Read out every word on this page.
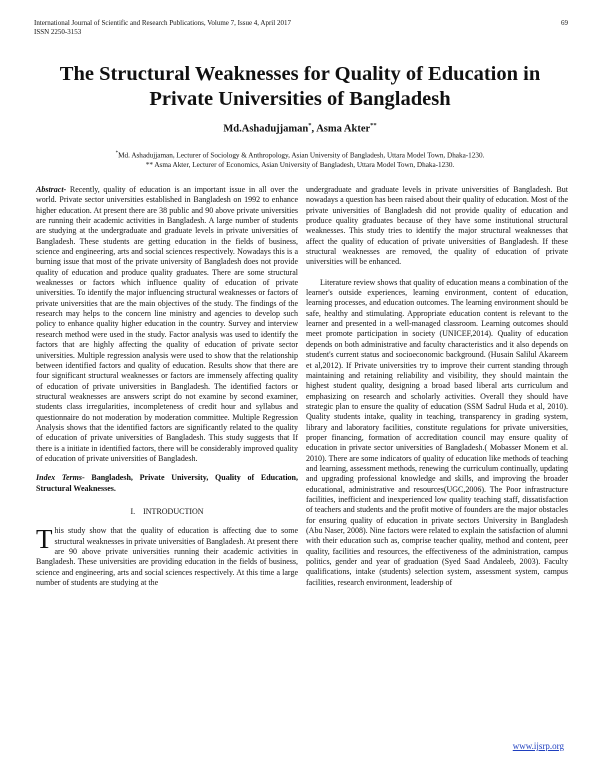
International Journal of Scientific and Research Publications, Volume 7, Issue 4, April 2017
ISSN 2250-3153
69
The Structural Weaknesses for Quality of Education in
Private Universities of Bangladesh
Md.Ashadujjaman*, Asma Akter**
*Md. Ashadujjaman, Lecturer of Sociology & Anthropology, Asian University of Bangladesh, Uttara Model Town, Dhaka-1230.
** Asma Akter, Lecturer of Economics, Asian University of Bangladesh, Uttara Model Town, Dhaka-1230.

Abstract- Recently, quality of education is an important issue in all over the world. Private sector universities established in Bangladesh on 1992 to enhance higher education. At present there are 38 public and 90 above private universities are running their academic activities in Bangladesh. A large number of students are studying at the undergraduate and graduate levels in private universities of Bangladesh. These students are getting education in the fields of business, science and engineering, arts and social sciences respectively. Nowadays this is a burning issue that most of the private university of Bangladesh does not provide quality of education and produce quality graduates. There are some structural weaknesses or factors which influence quality of education of private universities. To identify the major influencing structural weaknesses or factors of private universities that are the main objectives of the study. The findings of the research may helps to the concern line ministry and agencies to develop such policy to enhance quality higher education in the country. Survey and interview research method were used in the study. Factor analysis was used to identify the factors that are highly affecting the quality of education of private sector universities. Multiple regression analysis were used to show that the relationship between identified factors and quality of education. Results show that there are four significant structural weaknesses or factors are immensely affecting quality of education of private universities in Bangladesh. The identified factors or structural weaknesses are answers script do not examine by second examiner, students class irregularities, incompleteness of credit hour and syllabus and questionnaire do not moderation by moderation committee. Multiple Regression Analysis shows that the identified factors are significantly related to the quality of education of private universities of Bangladesh. This study suggests that If there is a initiate in identified factors, there will be considerably improved quality of education of private universities of Bangladesh.

Index Terms- Bangladesh, Private University, Quality of Education, Structural Weaknesses.

I. INTRODUCTION

This study show that the quality of education is affecting due to some structural weaknesses in private universities of Bangladesh. At present there are 90 above private universities running their academic activities in Bangladesh. These universities are providing education in the fields of business, science and engineering, arts and social sciences respectively. At this time a large number of students are studying at the

undergraduate and graduate levels in private universities of Bangladesh. But nowadays a question has been raised about their quality of education. Most of the private universities of Bangladesh did not provide quality of education and produce quality graduates because of they have some institutional structural weaknesses. This study tries to identify the major structural weaknesses that affect the quality of education of private universities of Bangladesh. If these structural weaknesses are removed, the quality of education of private universities will be enhanced.

Literature review shows that quality of education means a combination of the learner's outside experiences, learning environment, content of education, learning processes, and education outcomes. The learning environment should be safe, healthy and stimulating. Appropriate education content is relevant to the learner and presented in a well-managed classroom. Learning outcomes should meet promote participation in society (UNICEF,2014). Quality of education depends on both administrative and faculty characteristics and it also depends on student's current status and socioeconomic background. (Husain Salilul Akareem et al,2012). If Private universities try to improve their current standing through maintaining and retaining reliability and visibility, they should maintain the highest student quality, designing a broad based liberal arts curriculum and emphasizing on research and scholarly activities. Overall they should have strategic plan to ensure the quality of education (SSM Sadrul Huda et al, 2010). Quality students intake, quality in teaching, transparency in grading system, library and laboratory facilities, constitute regulations for private universities, proper financing, formation of accreditation council may ensure quality of education in private sector universities of Bangladesh.( Mobasser Monem et al. 2010). There are some indicators of quality of education like methods of teaching and learning, assessment methods, renewing the curriculum continually, updating and upgrading professional knowledge and skills, and improving the broader educational, administrative and resources(UGC,2006). The Poor infrastructure facilities, inefficient and inexperienced low quality teaching staff, dissatisfaction of teachers and students and the profit motive of founders are the major obstacles for ensuring quality of education in private sectors University in Bangladesh (Abu Naser, 2008). Nine factors were related to explain the satisfaction of alumni with their education such as, comprise teacher quality, method and content, peer quality, facilities and resources, the effectiveness of the administration, campus politics, gender and year of graduation (Syed Saad Andaleeb, 2003). Faculty qualifications, intake (students) selection system, assessment system, campus facilities, research environment, leadership of

www.ijsrp.org
